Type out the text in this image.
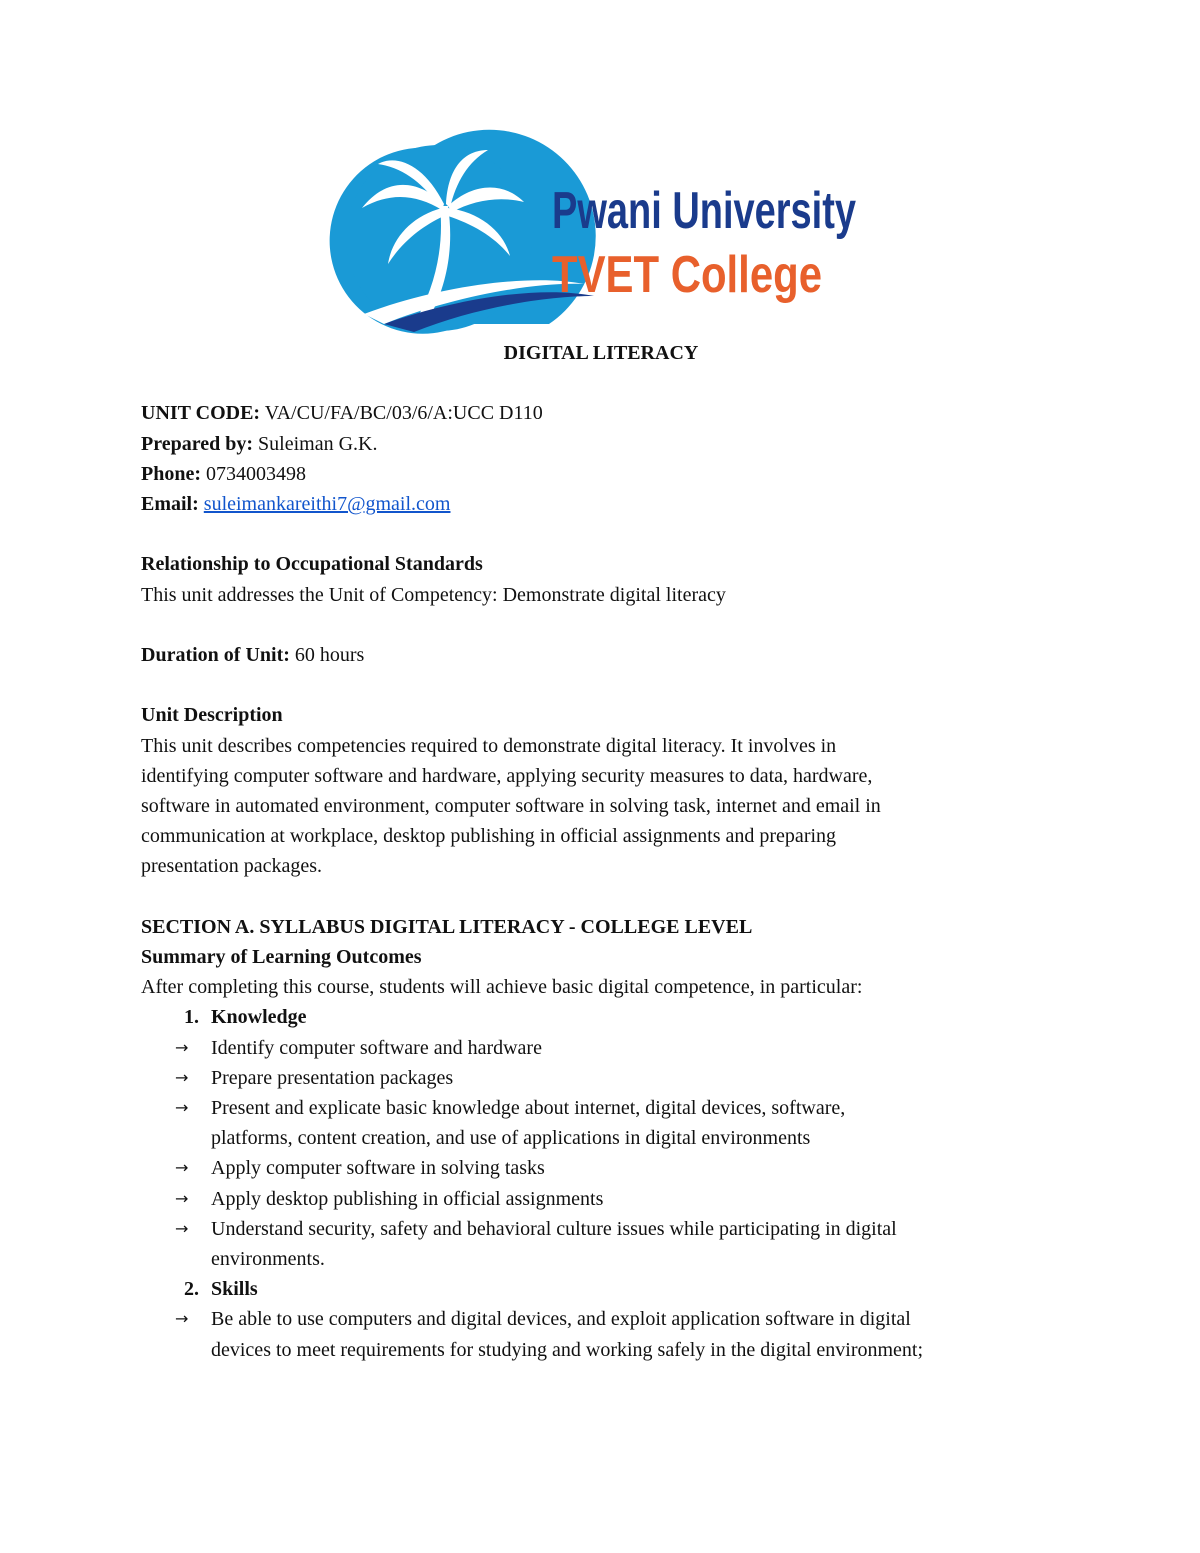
Pwani University
TVET College
DIGITAL LITERACY
UNIT CODE: VA/CU/FA/BC/03/6/A:UCC D110
Prepared by: Suleiman G.K.
Phone: 0734003498
Email: suleimankareithi7@gmail.com
Relationship to Occupational Standards
This unit addresses the Unit of Competency: Demonstrate digital literacy
Duration of Unit: 60 hours
Unit Description
This unit describes competencies required to demonstrate digital literacy. It involves in
identifying computer software and hardware, applying security measures to data, hardware,
software in automated environment, computer software in solving task, internet and email in
communication at workplace, desktop publishing in official assignments and preparing
presentation packages.
SECTION A. SYLLABUS DIGITAL LITERACY - COLLEGE LEVEL
Summary of Learning Outcomes
After completing this course, students will achieve basic digital competence, in particular:
1. Knowledge
→	Identify computer software and hardware
→	Prepare presentation packages
→	Present and explicate basic knowledge about internet, digital devices, software,
platforms, content creation, and use of applications in digital environments
→	Apply computer software in solving tasks
→	Apply desktop publishing in official assignments
→	Understand security, safety and behavioral culture issues while participating in digital
environments.
2. Skills
→	Be able to use computers and digital devices, and exploit application software in digital
devices to meet requirements for studying and working safely in the digital environment;
